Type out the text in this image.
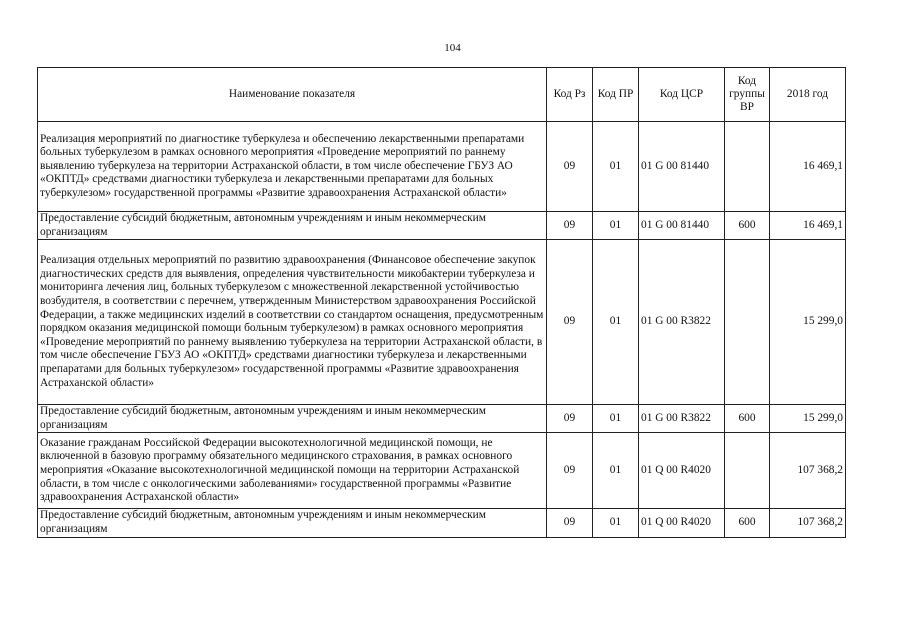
104
Наименование показателя	Код Рз	Код ПР	Код ЦСР	Код группы ВР	2018 год
Реализация мероприятий по диагностике туберкулеза и обеспечению лекарственными препаратами больных туберкулезом в рамках основного мероприятия «Проведение мероприятий по раннему выявлению туберкулеза на территории Астраханской области, в том числе обеспечение ГБУЗ АО «ОКПТД» средствами диагностики туберкулеза и лекарственными препаратами для больных туберкулезом» государственной программы «Развитие здравоохранения Астраханской области»	09	01	01 G 00 81440		16 469,1
Предоставление субсидий бюджетным, автономным учреждениям и иным некоммерческим организациям	09	01	01 G 00 81440	600	16 469,1
Реализация отдельных мероприятий по развитию здравоохранения (Финансовое обеспечение закупок диагностических средств для выявления, определения чувствительности микобактерии туберкулеза и мониторинга лечения лиц, больных туберкулезом с множественной лекарственной устойчивостью возбудителя, в соответствии с перечнем, утвержденным Министерством здравоохранения Российской Федерации, а также медицинских изделий в соответствии со стандартом оснащения, предусмотренным порядком оказания медицинской помощи больным туберкулезом) в рамках основного мероприятия «Проведение мероприятий по раннему выявлению туберкулеза на территории Астраханской области, в том числе обеспечение ГБУЗ АО «ОКПТД» средствами диагностики туберкулеза и лекарственными препаратами для больных туберкулезом» государственной программы «Развитие здравоохранения Астраханской области»	09	01	01 G 00 R3822		15 299,0
Предоставление субсидий бюджетным, автономным учреждениям и иным некоммерческим организациям	09	01	01 G 00 R3822	600	15 299,0
Оказание гражданам Российской Федерации высокотехнологичной медицинской помощи, не включенной в базовую программу обязательного медицинского страхования, в рамках основного мероприятия «Оказание высокотехнологичной медицинской помощи на территории Астраханской области, в том числе с онкологическими заболеваниями» государственной программы «Развитие здравоохранения Астраханской области»	09	01	01 Q 00 R4020		107 368,2
Предоставление субсидий бюджетным, автономным учреждениям и иным некоммерческим организациям	09	01	01 Q 00 R4020	600	107 368,2
